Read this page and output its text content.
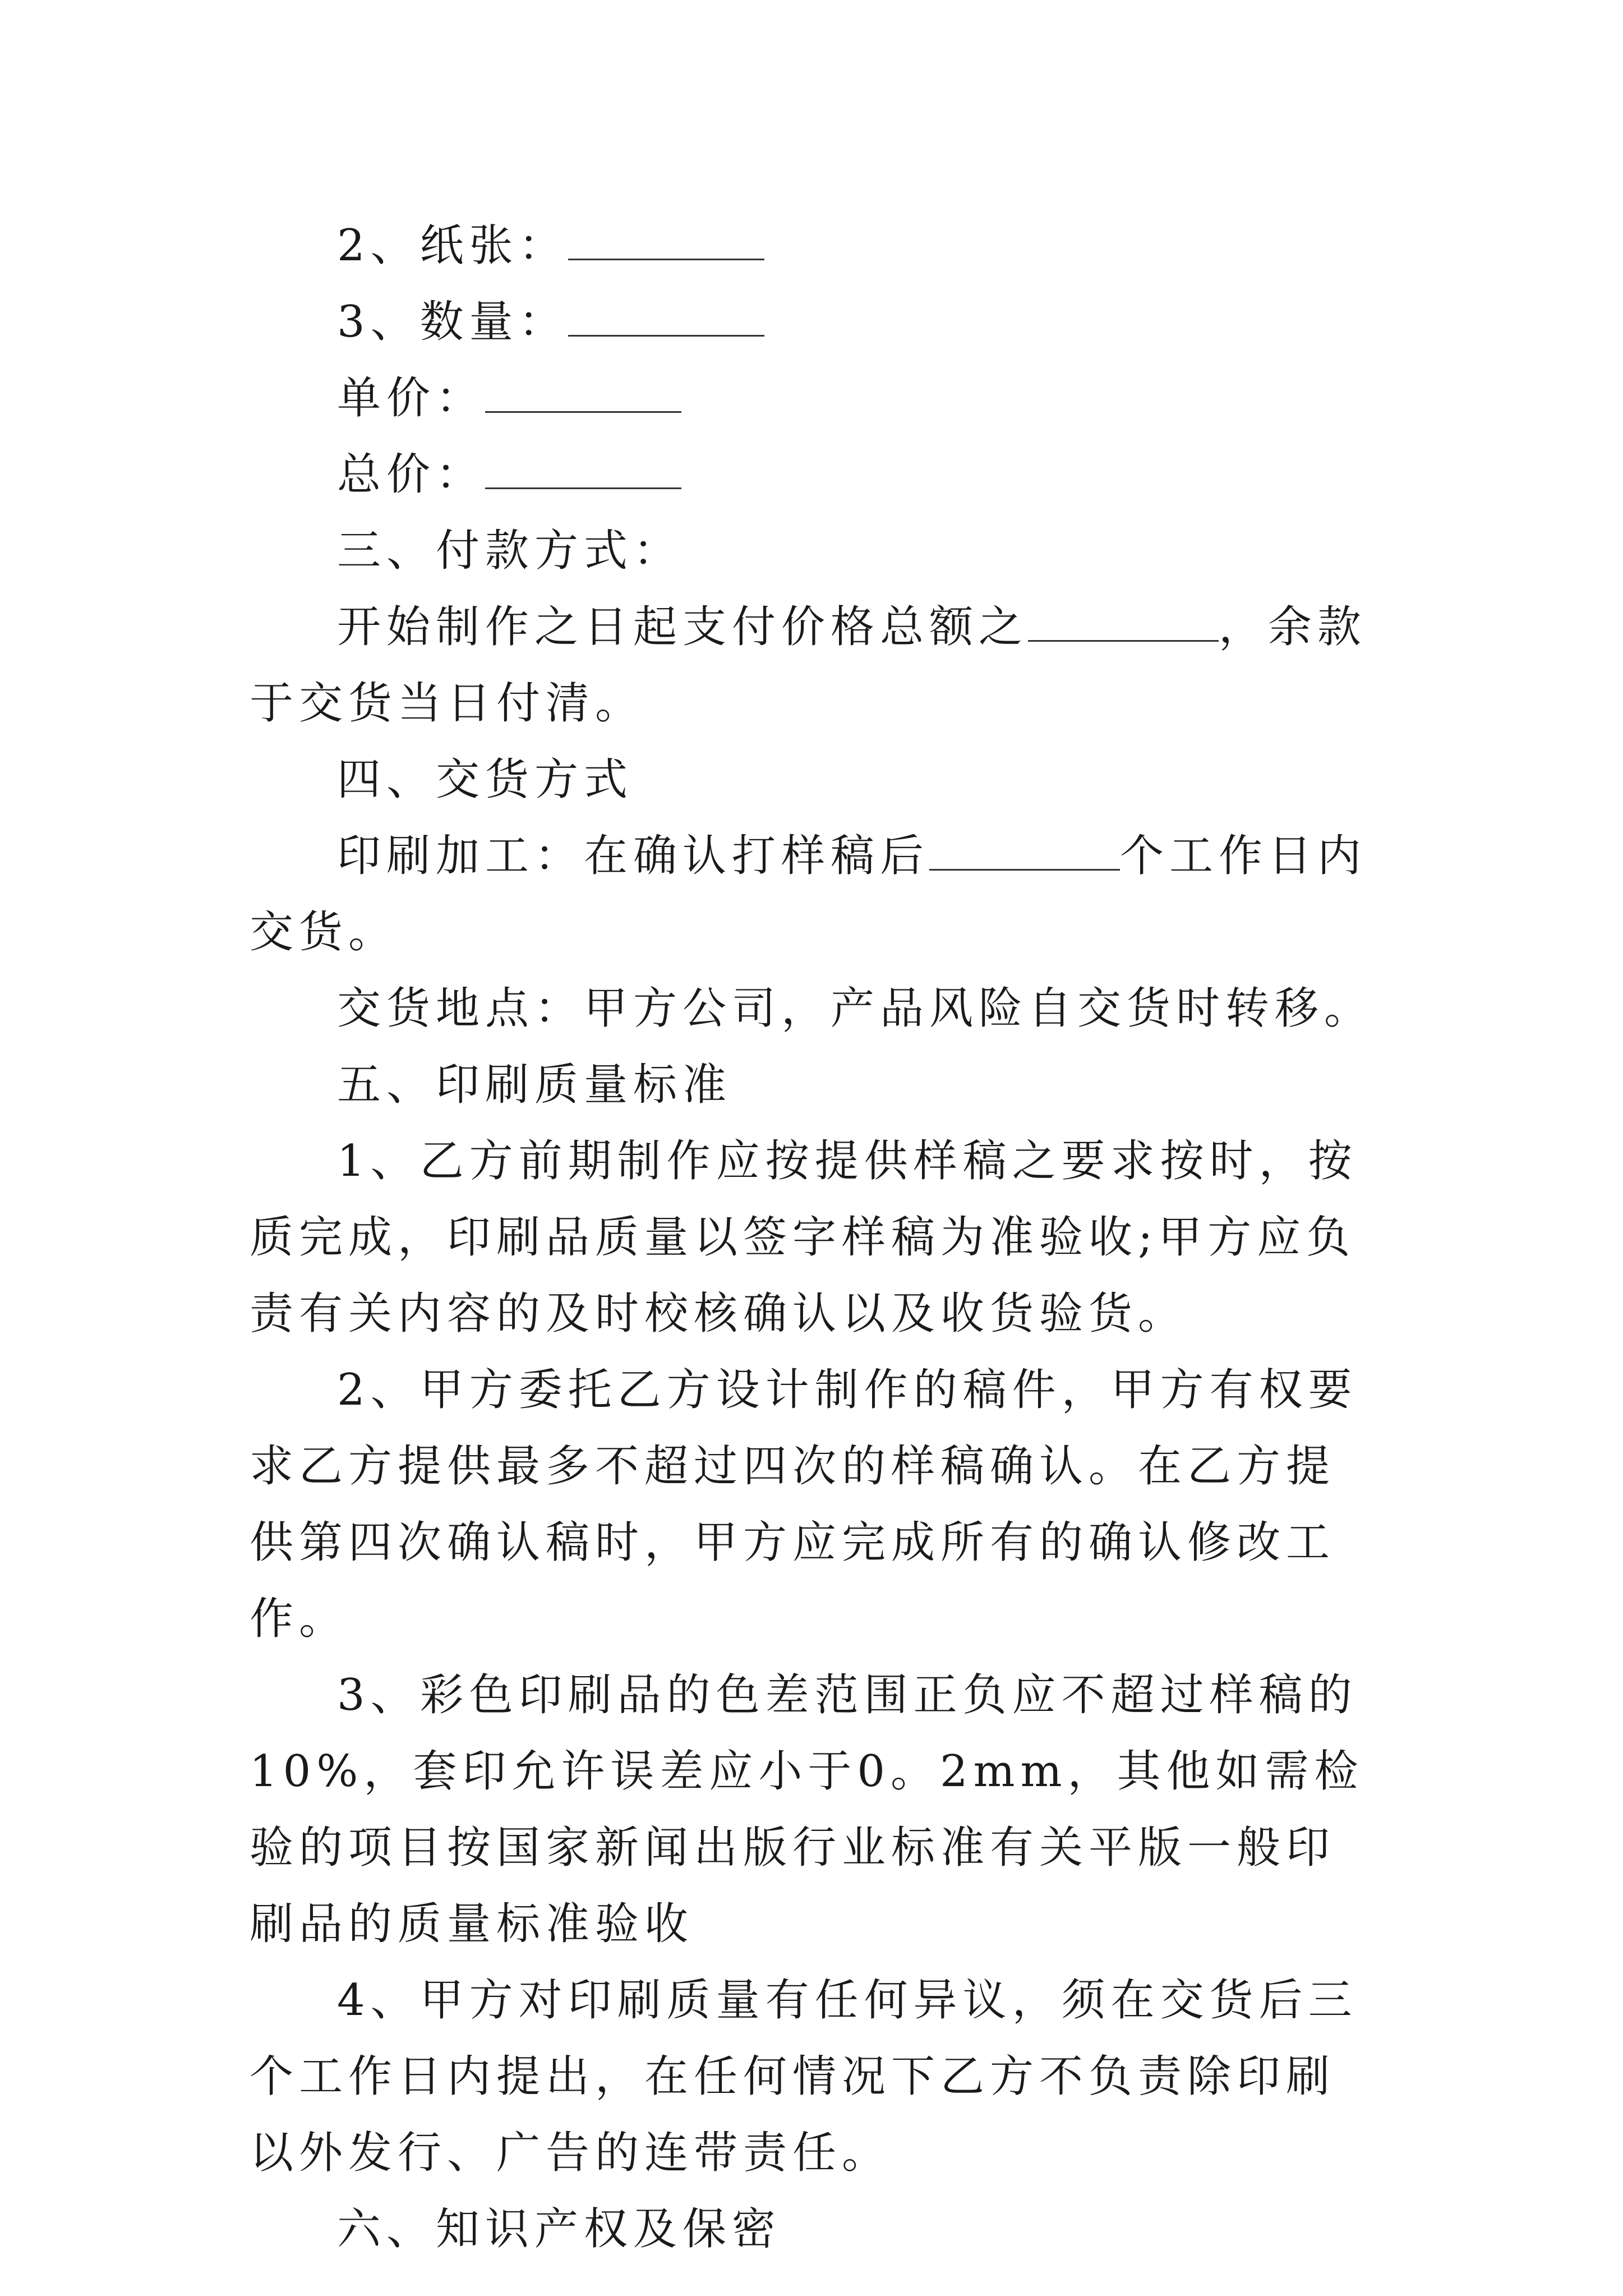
2、纸张：

3、数量：

单价：

总价：

三、付款方式：

开始制作之日起支付价格总额之	，余款于交货当日付清。

四、交货方式

印刷加工：在确认打样稿后	个工作日内交货。

交货地点：甲方公司，产品风险自交货时转移。

五、印刷质量标准

1、乙方前期制作应按提供样稿之要求按时，按质完成，印刷品质量以签字样稿为准验收;甲方应负责有关内容的及时校核确认以及收货验货。

2、甲方委托乙方设计制作的稿件，甲方有权要求乙方提供最多不超过四次的样稿确认。在乙方提供第四次确认稿时，甲方应完成所有的确认修改工作。

3、彩色印刷品的色差范围正负应不超过样稿的10%，套印允许误差应小于0。2mm，其他如需检验的项目按国家新闻出版行业标准有关平版一般印刷品的质量标准验收

4、甲方对印刷质量有任何异议，须在交货后三个工作日内提出，在任何情况下乙方不负责除印刷以外发行、广告的连带责任。

六、知识产权及保密
